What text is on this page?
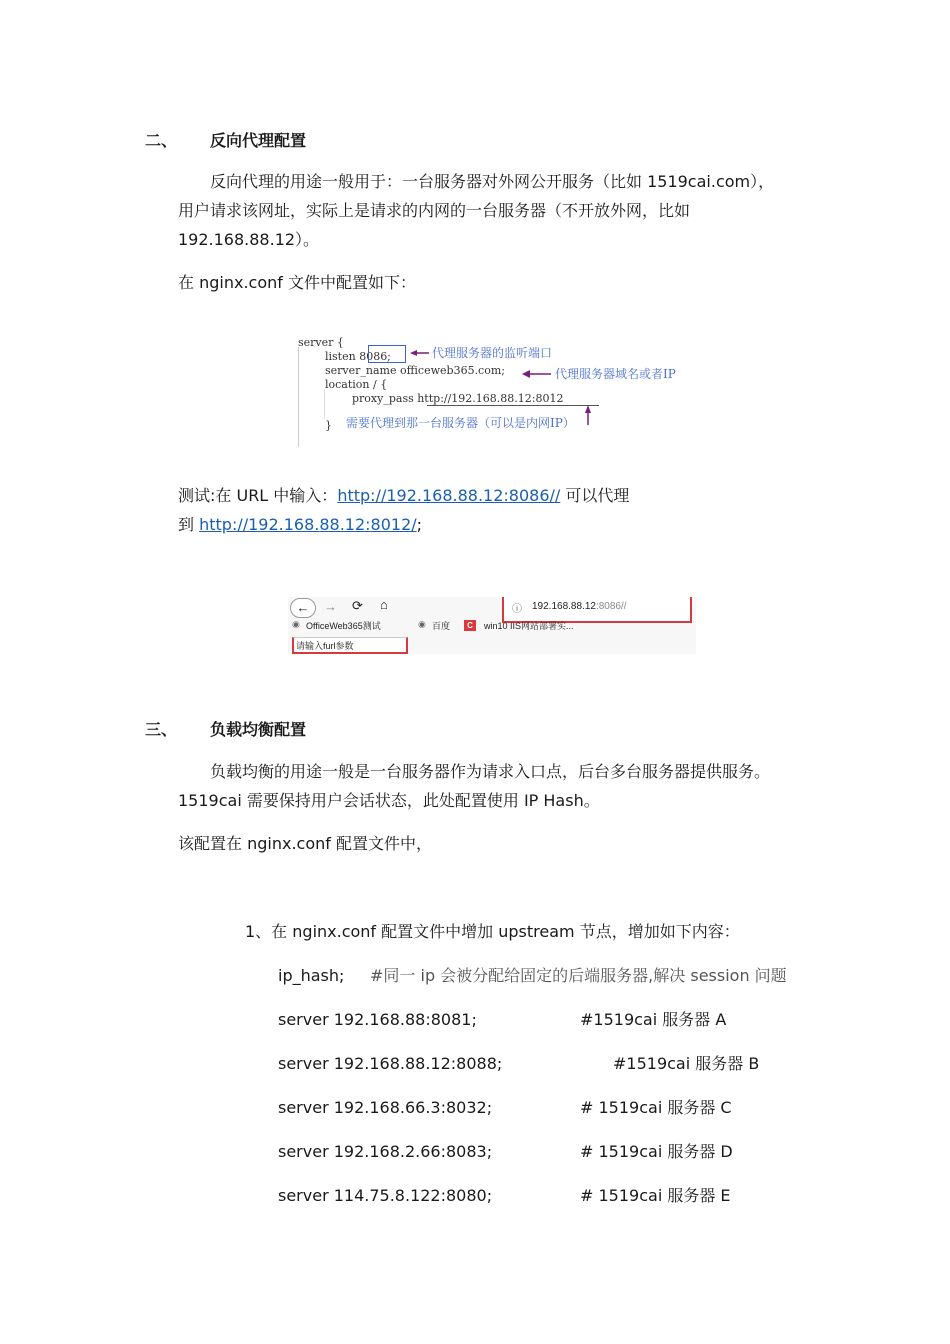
二、 反向代理配置
反向代理的用途一般用于：一台服务器对外网公开服务（比如 1519cai.com），
用户请求该网址，实际上是请求的内网的一台服务器（不开放外网，比如
192.168.88.12）。
在 nginx.conf 文件中配置如下：
server {
listen 8086;
server_name officeweb365.com;
location / {
proxy_pass http://192.168.88.12:8012
}
代理服务器的监听端口
代理服务器域名或者IP
需要代理到那一台服务器（可以是内网IP）
测试:在 URL 中输入：http://192.168.88.12:8086// 可以代理
到 http://192.168.88.12:8012/;
←	→ ⟳ ⌂	ⓘ 192.168.88.12:8086//
◉ OfficeWeb365测试	◉ 百度	C	win10 IIS网站部署实...
请输入furl参数
三、 负载均衡配置
负载均衡的用途一般是一台服务器作为请求入口点，后台多台服务器提供服务。
1519cai 需要保持用户会话状态，此处配置使用 IP Hash。
该配置在 nginx.conf 配置文件中，
1、在 nginx.conf 配置文件中增加 upstream 节点，增加如下内容：
ip_hash; #同一 ip 会被分配给固定的后端服务器,解决 session 问题
server 192.168.88:8081;	#1519cai 服务器 A
server 192.168.88.12:8088;	#1519cai 服务器 B
server 192.168.66.3:8032;	# 1519cai 服务器 C
server 192.168.2.66:8083;	# 1519cai 服务器 D
server 114.75.8.122:8080;	# 1519cai 服务器 E
